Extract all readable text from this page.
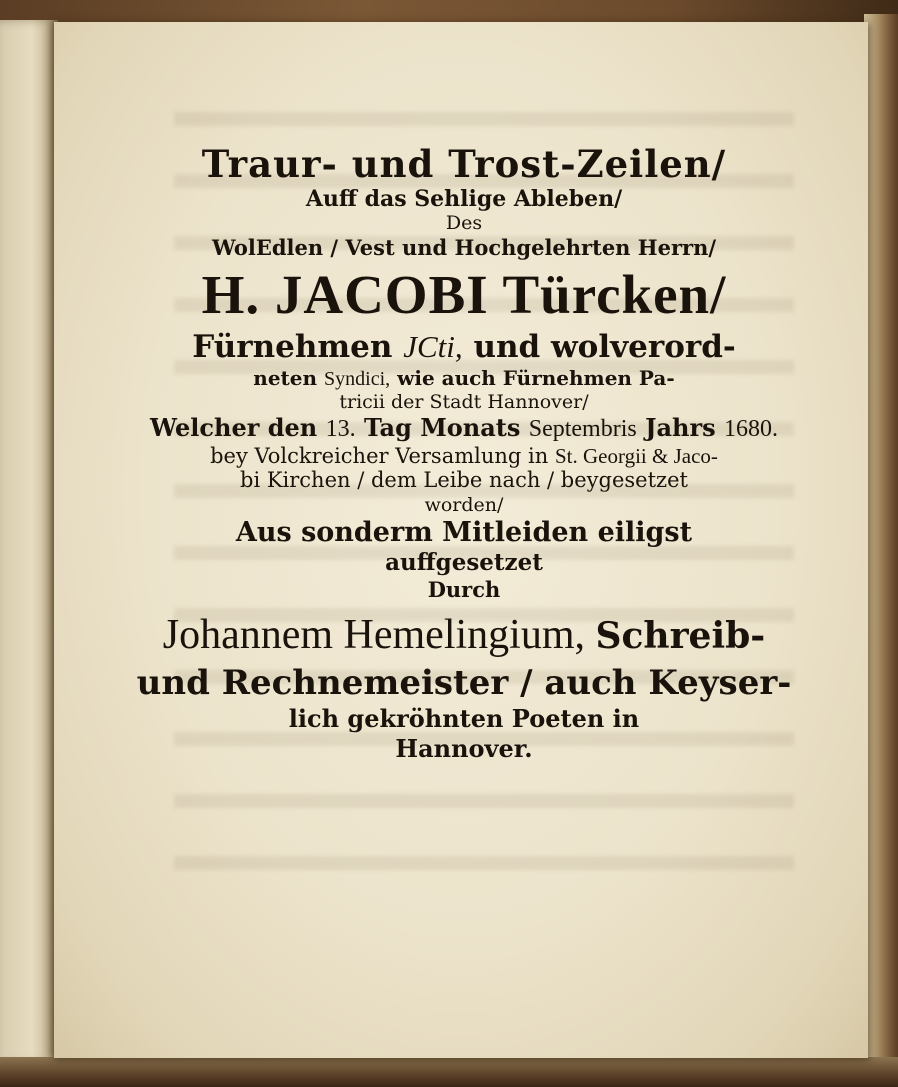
Traur- und Trost-Zeilen/
Auff das Sehlige Ableben/
Des
WolEdlen / Vest und Hochgelehrten Herrn/
H. JACOBI Türcken/
Fürnehmen JCti, und wolverord-
neten Syndici, wie auch Fürnehmen Pa-
tricii der Stadt Hannover/
Welcher den 13. Tag Monats Septembris Jahrs 1680.
bey Volckreicher Versamlung in St. Georgii & Jaco-
bi Kirchen / dem Leibe nach / beygesetzet
worden/
Aus sonderm Mitleiden eiligst
auffgesetzet
Durch
Johannem Hemelingium, Schreib-
und Rechnemeister / auch Keyser-
lich gekröhnten Poeten in
Hannover.
